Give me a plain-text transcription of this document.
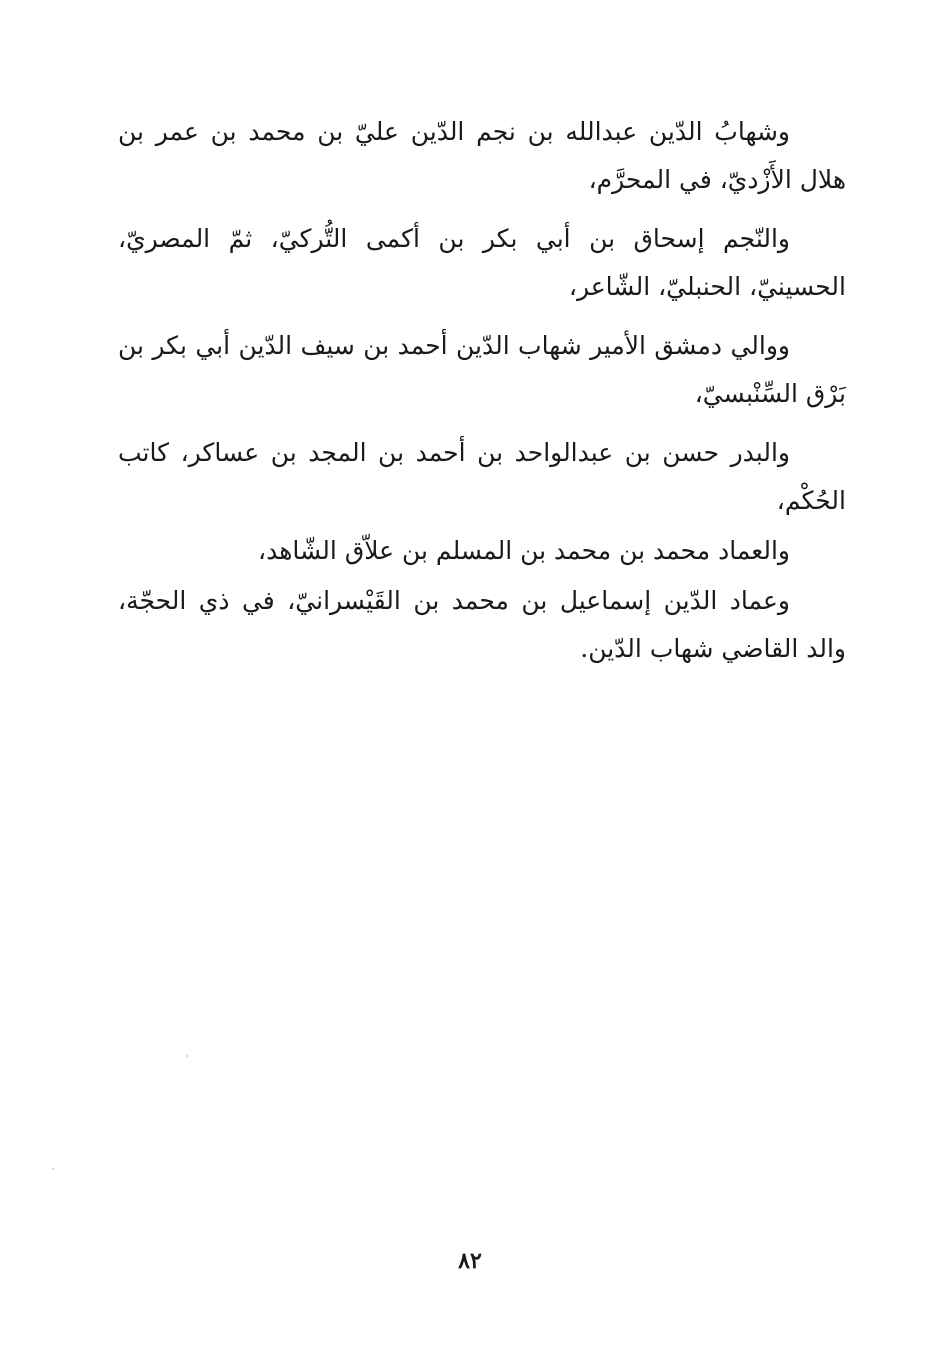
وشهابُ الدّين عبدالله بن نجم الدّين عليّ بن محمد بن عمر بن هلال الأَزْديّ، في المحرَّم،

والنّجم إسحاق بن أبي بكر بن أكمى التُّركيّ، ثمّ المصريّ، الحسينيّ، الحنبليّ، الشّاعر،

ووالي دمشق الأمير شهاب الدّين أحمد بن سيف الدّين أبي بكر بن بَرْق السِّنْبسيّ،

والبدر حسن بن عبدالواحد بن أحمد بن المجد بن عساكر، كاتب الحُكْم،

والعماد محمد بن محمد بن المسلم بن علاّق الشّاهد،

وعماد الدّين إسماعيل بن محمد بن القَيْسرانيّ، في ذي الحجّة، والد القاضي شهاب الدّين.

٨٢
